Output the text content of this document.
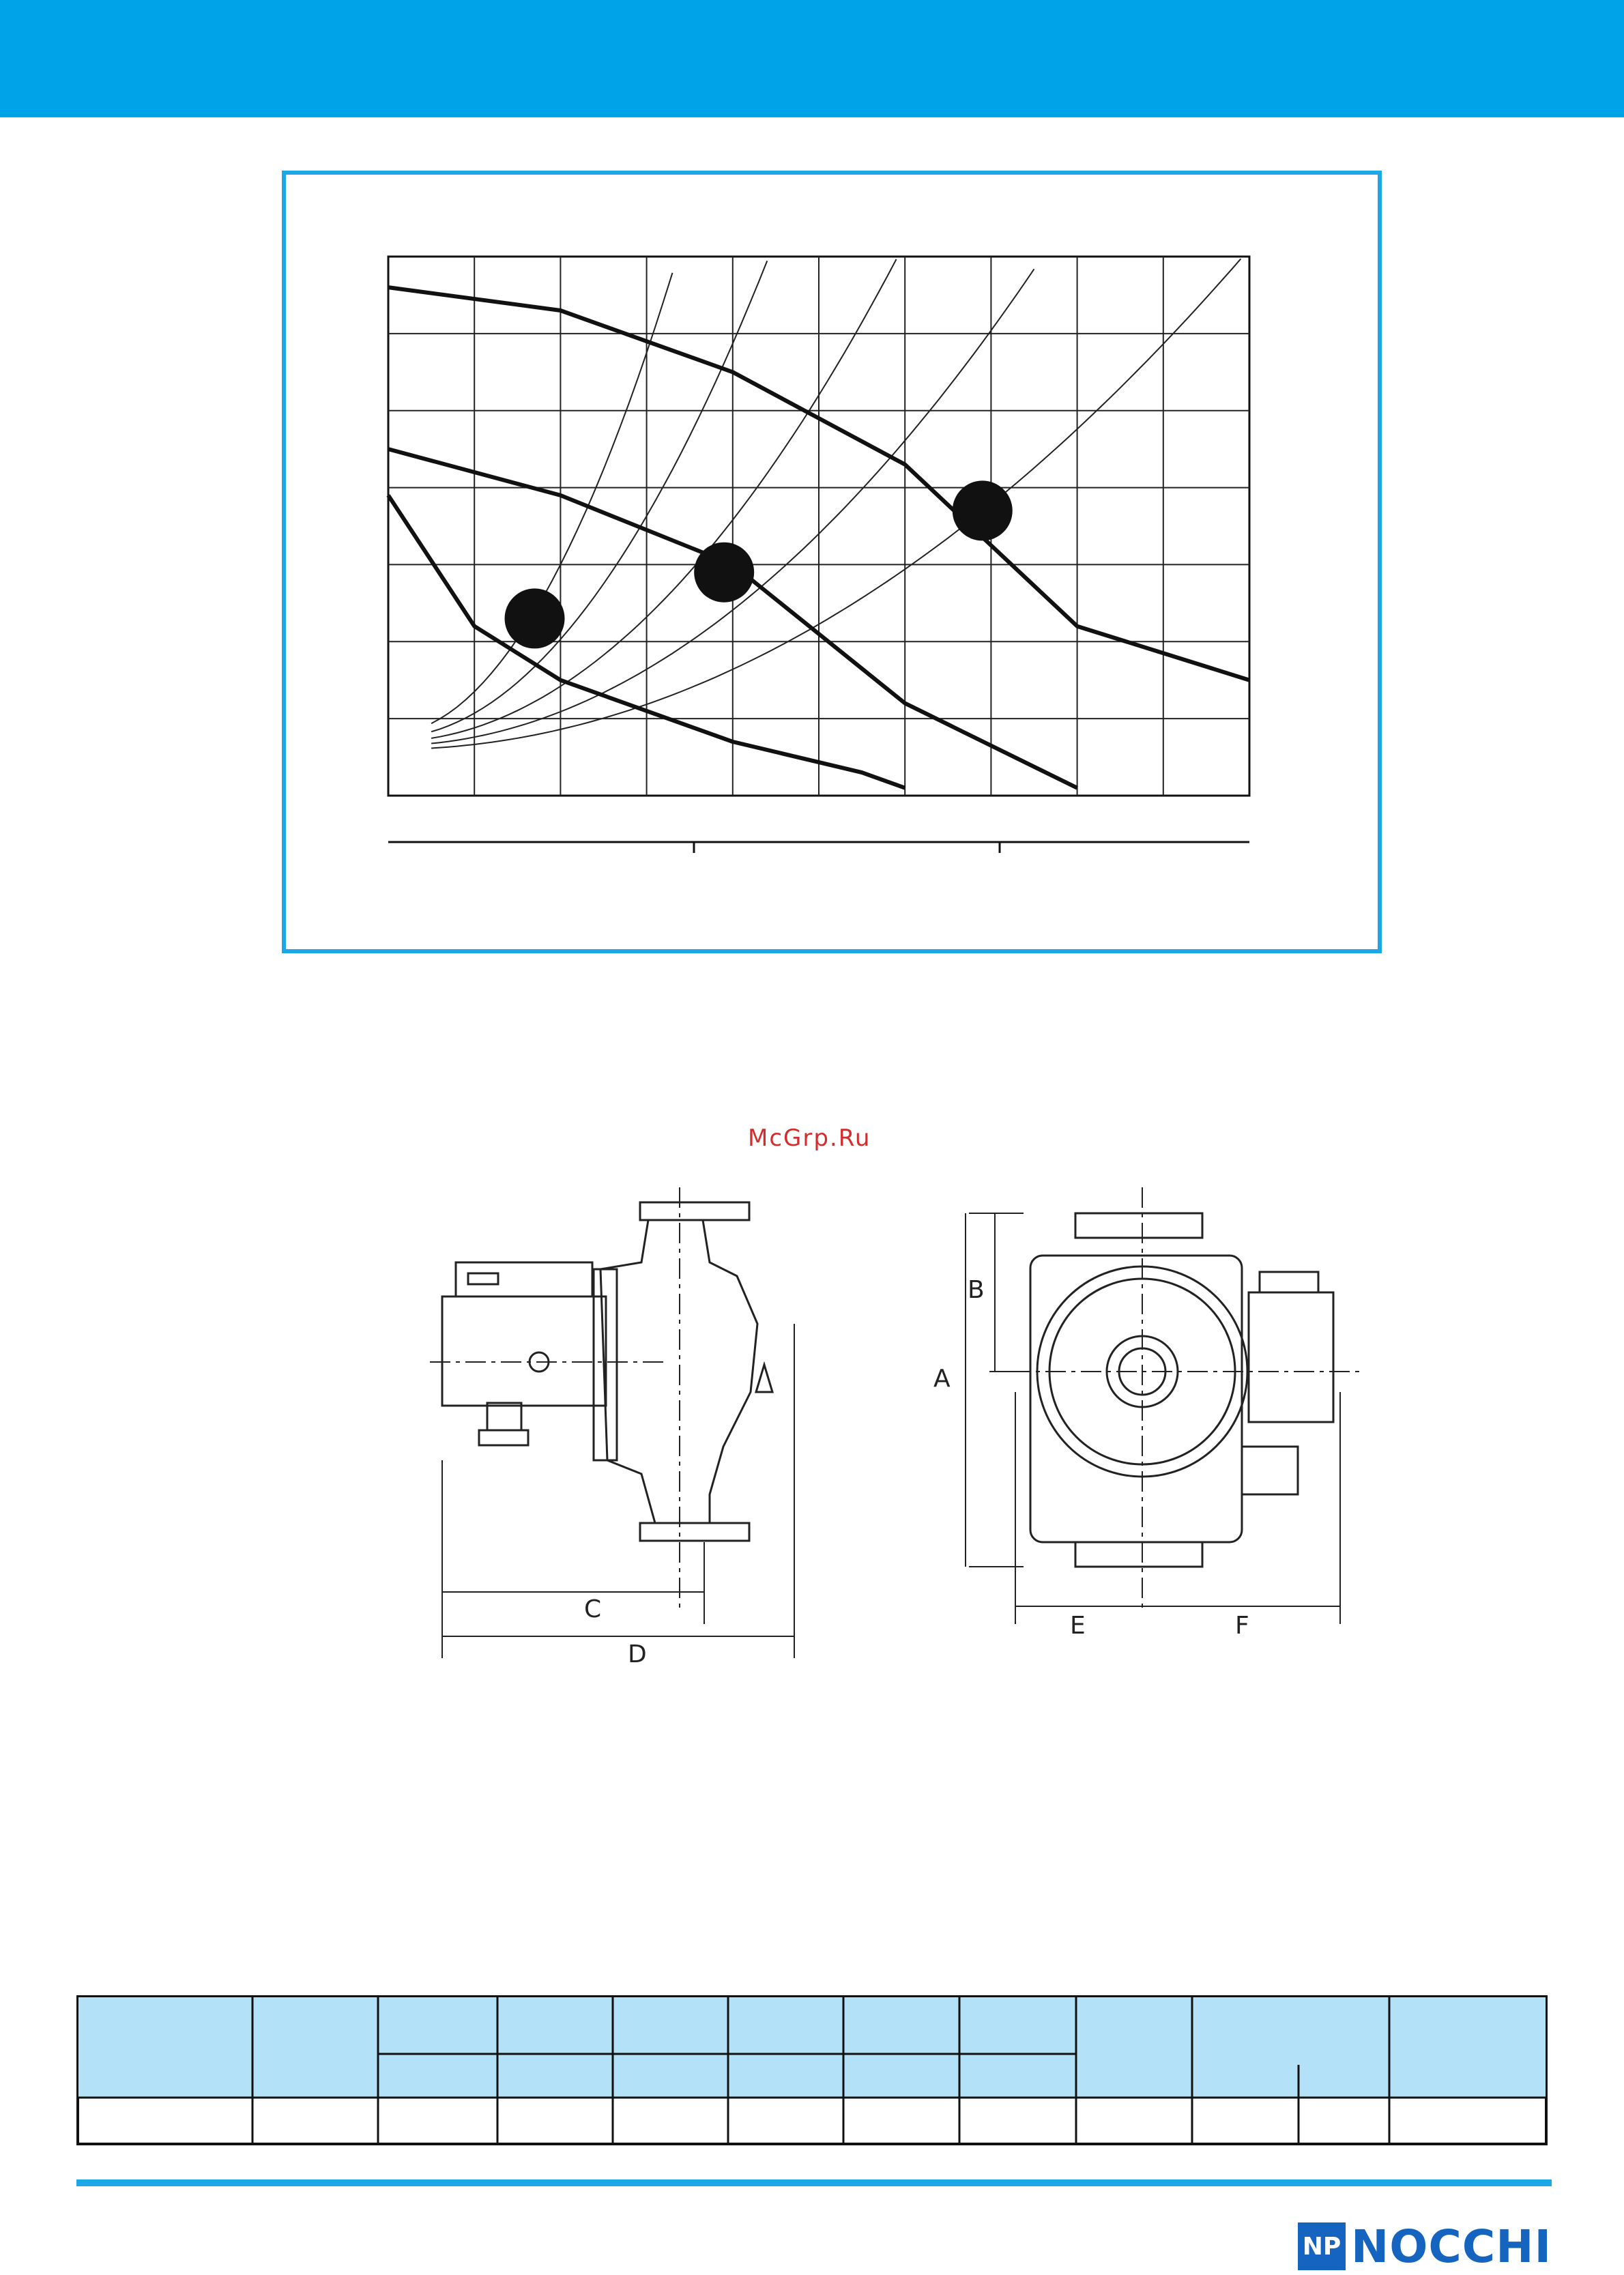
McGrp.Ru
A
B
C
D
E	F
NP NOCCHI
